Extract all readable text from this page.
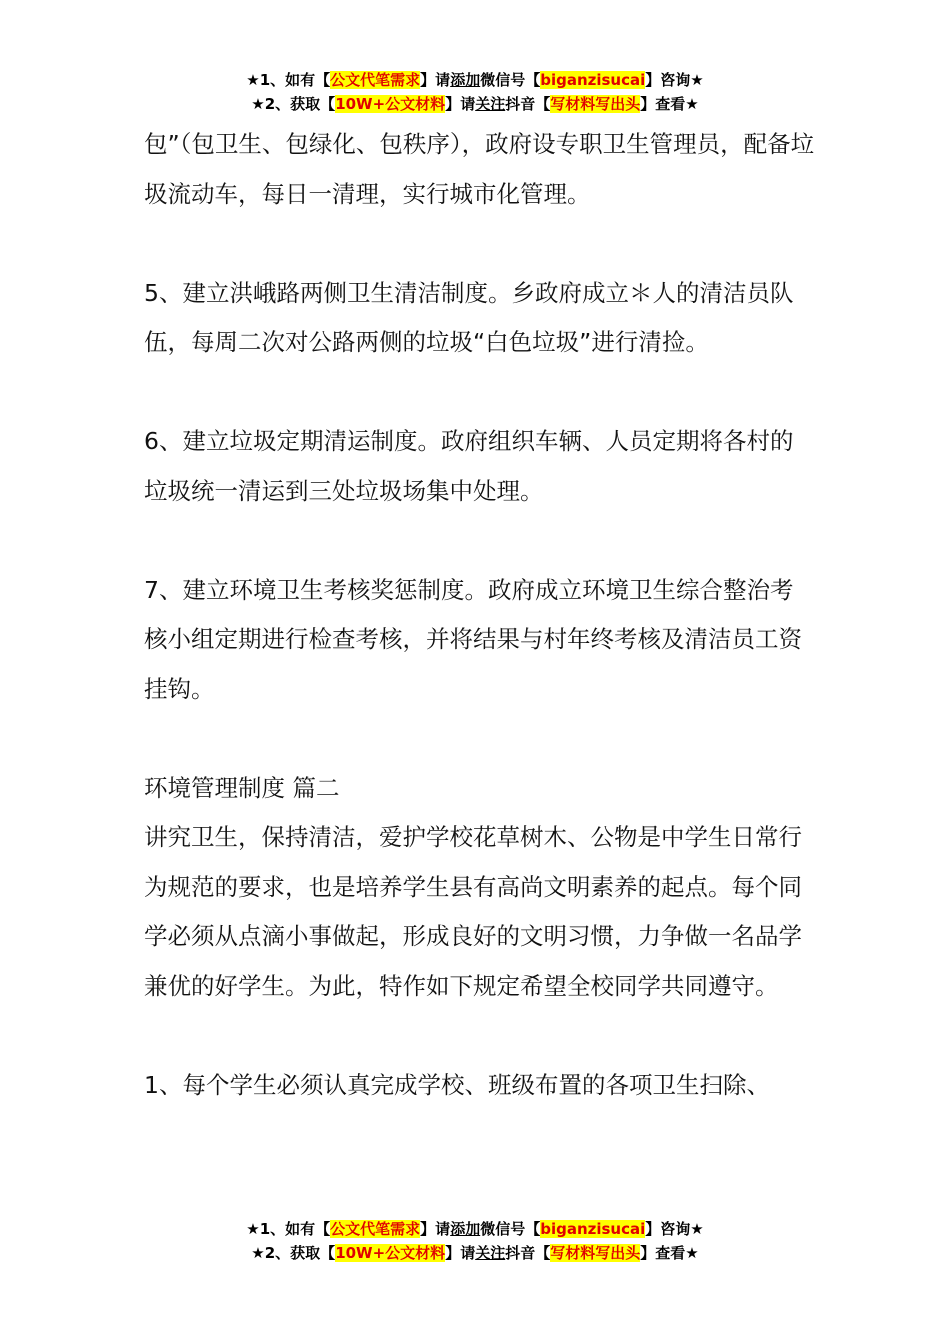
★1、如有【公文代笔需求】请添加微信号【biganzisucai】咨询★
★2、获取【10W+公文材料】请关注抖音【写材料写出头】查看★

包”（包卫生、包绿化、包秩序），政府设专职卫生管理员，配备垃圾流动车，每日一清理，实行城市化管理。

5、建立洪峨路两侧卫生清洁制度。乡政府成立＊人的清洁员队伍，每周二次对公路两侧的垃圾“白色垃圾”进行清捡。

6、建立垃圾定期清运制度。政府组织车辆、人员定期将各村的垃圾统一清运到三处垃圾场集中处理。

7、建立环境卫生考核奖惩制度。政府成立环境卫生综合整治考核小组定期进行检查考核，并将结果与村年终考核及清洁员工资挂钩。

环境管理制度 篇二

讲究卫生，保持清洁，爱护学校花草树木、公物是中学生日常行为规范的要求，也是培养学生县有高尚文明素养的起点。每个同学必须从点滴小事做起，形成良好的文明习惯，力争做一名品学兼优的好学生。为此，特作如下规定希望全校同学共同遵守。

1、每个学生必须认真完成学校、班级布置的各项卫生扫除、

★1、如有【公文代笔需求】请添加微信号【biganzisucai】咨询★
★2、获取【10W+公文材料】请关注抖音【写材料写出头】查看★
